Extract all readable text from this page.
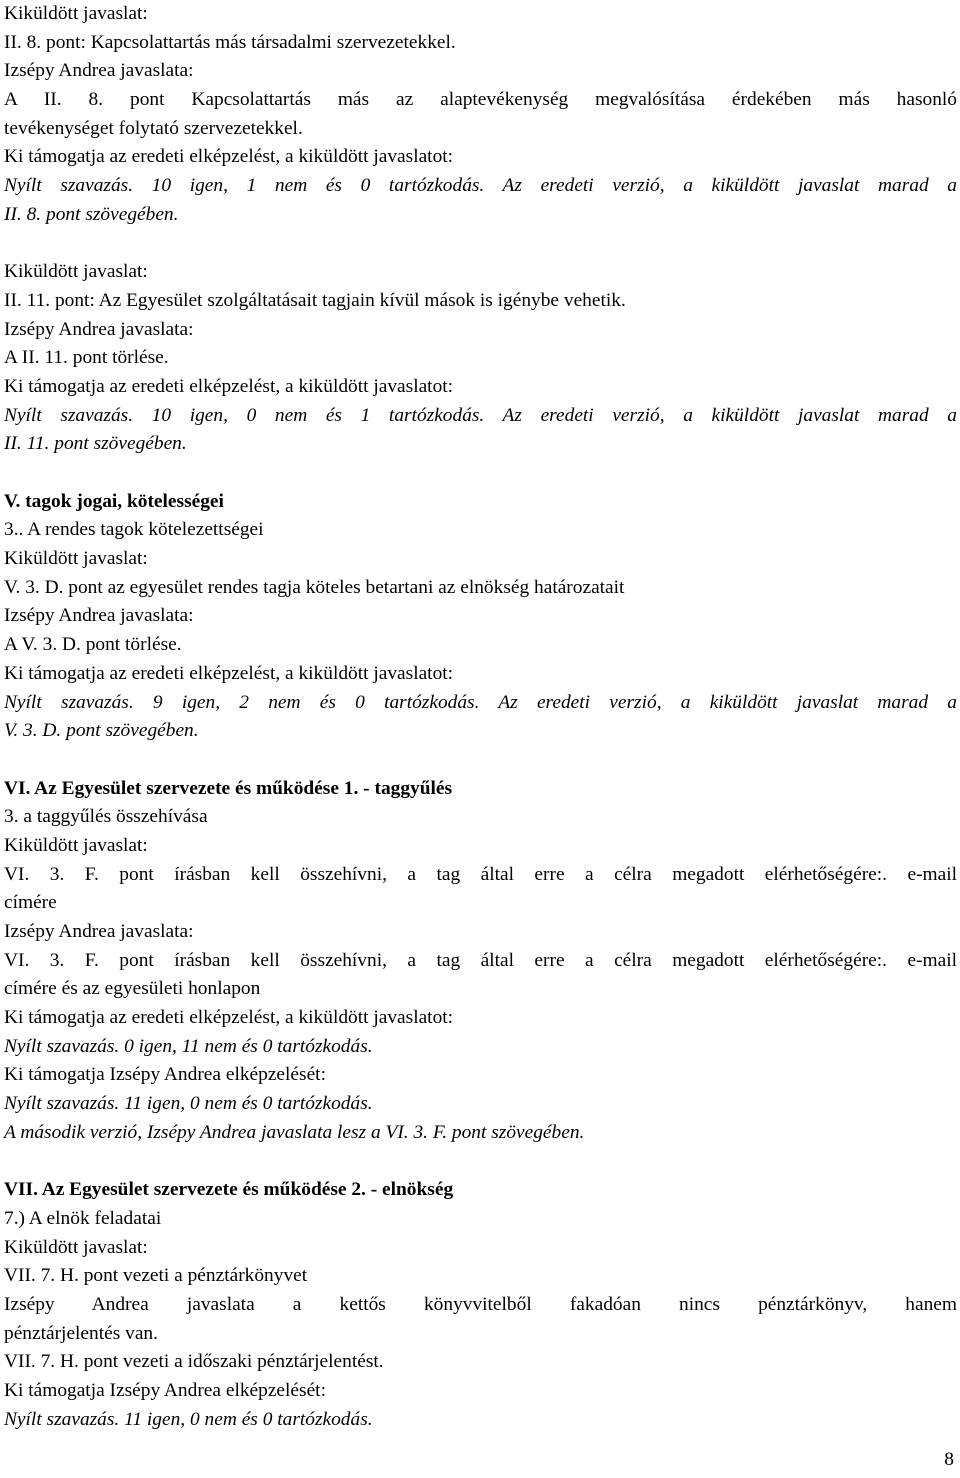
Kiküldött javaslat:
II. 8. pont: Kapcsolattartás más társadalmi szervezetekkel.
Izsépy Andrea javaslata:
A II. 8. pont Kapcsolattartás más az alaptevékenység megvalósítása érdekében más hasonló
tevékenységet folytató szervezetekkel.
Ki támogatja az eredeti elképzelést, a kiküldött javaslatot:
Nyílt szavazás. 10 igen, 1 nem és 0 tartózkodás. Az eredeti verzió, a kiküldött javaslat marad a
II. 8. pont szövegében.
Kiküldött javaslat:
II. 11. pont: Az Egyesület szolgáltatásait tagjain kívül mások is igénybe vehetik.
Izsépy Andrea javaslata:
A II. 11. pont törlése.
Ki támogatja az eredeti elképzelést, a kiküldött javaslatot:
Nyílt szavazás. 10 igen, 0 nem és 1 tartózkodás. Az eredeti verzió, a kiküldött javaslat marad a
II. 11. pont szövegében.
V. tagok jogai, kötelességei
3.. A rendes tagok kötelezettségei
Kiküldött javaslat:
V. 3. D. pont az egyesület rendes tagja köteles betartani az elnökség határozatait
Izsépy Andrea javaslata:
A V. 3. D. pont törlése.
Ki támogatja az eredeti elképzelést, a kiküldött javaslatot:
Nyílt szavazás. 9 igen, 2 nem és 0 tartózkodás. Az eredeti verzió, a kiküldött javaslat marad a
V. 3. D. pont szövegében.
VI. Az Egyesület szervezete és működése 1. - taggyűlés
3. a taggyűlés összehívása
Kiküldött javaslat:
VI. 3. F. pont írásban kell összehívni, a tag által erre a célra megadott elérhetőségére:. e-mail
címére
Izsépy Andrea javaslata:
VI. 3. F. pont írásban kell összehívni, a tag által erre a célra megadott elérhetőségére:. e-mail
címére és az egyesületi honlapon
Ki támogatja az eredeti elképzelést, a kiküldött javaslatot:
Nyílt szavazás. 0 igen, 11 nem és 0 tartózkodás.
Ki támogatja Izsépy Andrea elképzelését:
Nyílt szavazás. 11 igen, 0 nem és 0 tartózkodás.
A második verzió, Izsépy Andrea javaslata lesz a VI. 3. F. pont szövegében.
VII. Az Egyesület szervezete és működése 2. - elnökség
7.) A elnök feladatai
Kiküldött javaslat:
VII. 7. H. pont vezeti a pénztárkönyvet
Izsépy Andrea javaslata a kettős könyvvitelből fakadóan nincs pénztárkönyv, hanem
pénztárjelentés van.
VII. 7. H. pont vezeti a időszaki pénztárjelentést.
Ki támogatja Izsépy Andrea elképzelését:
Nyílt szavazás. 11 igen, 0 nem és 0 tartózkodás.
8
